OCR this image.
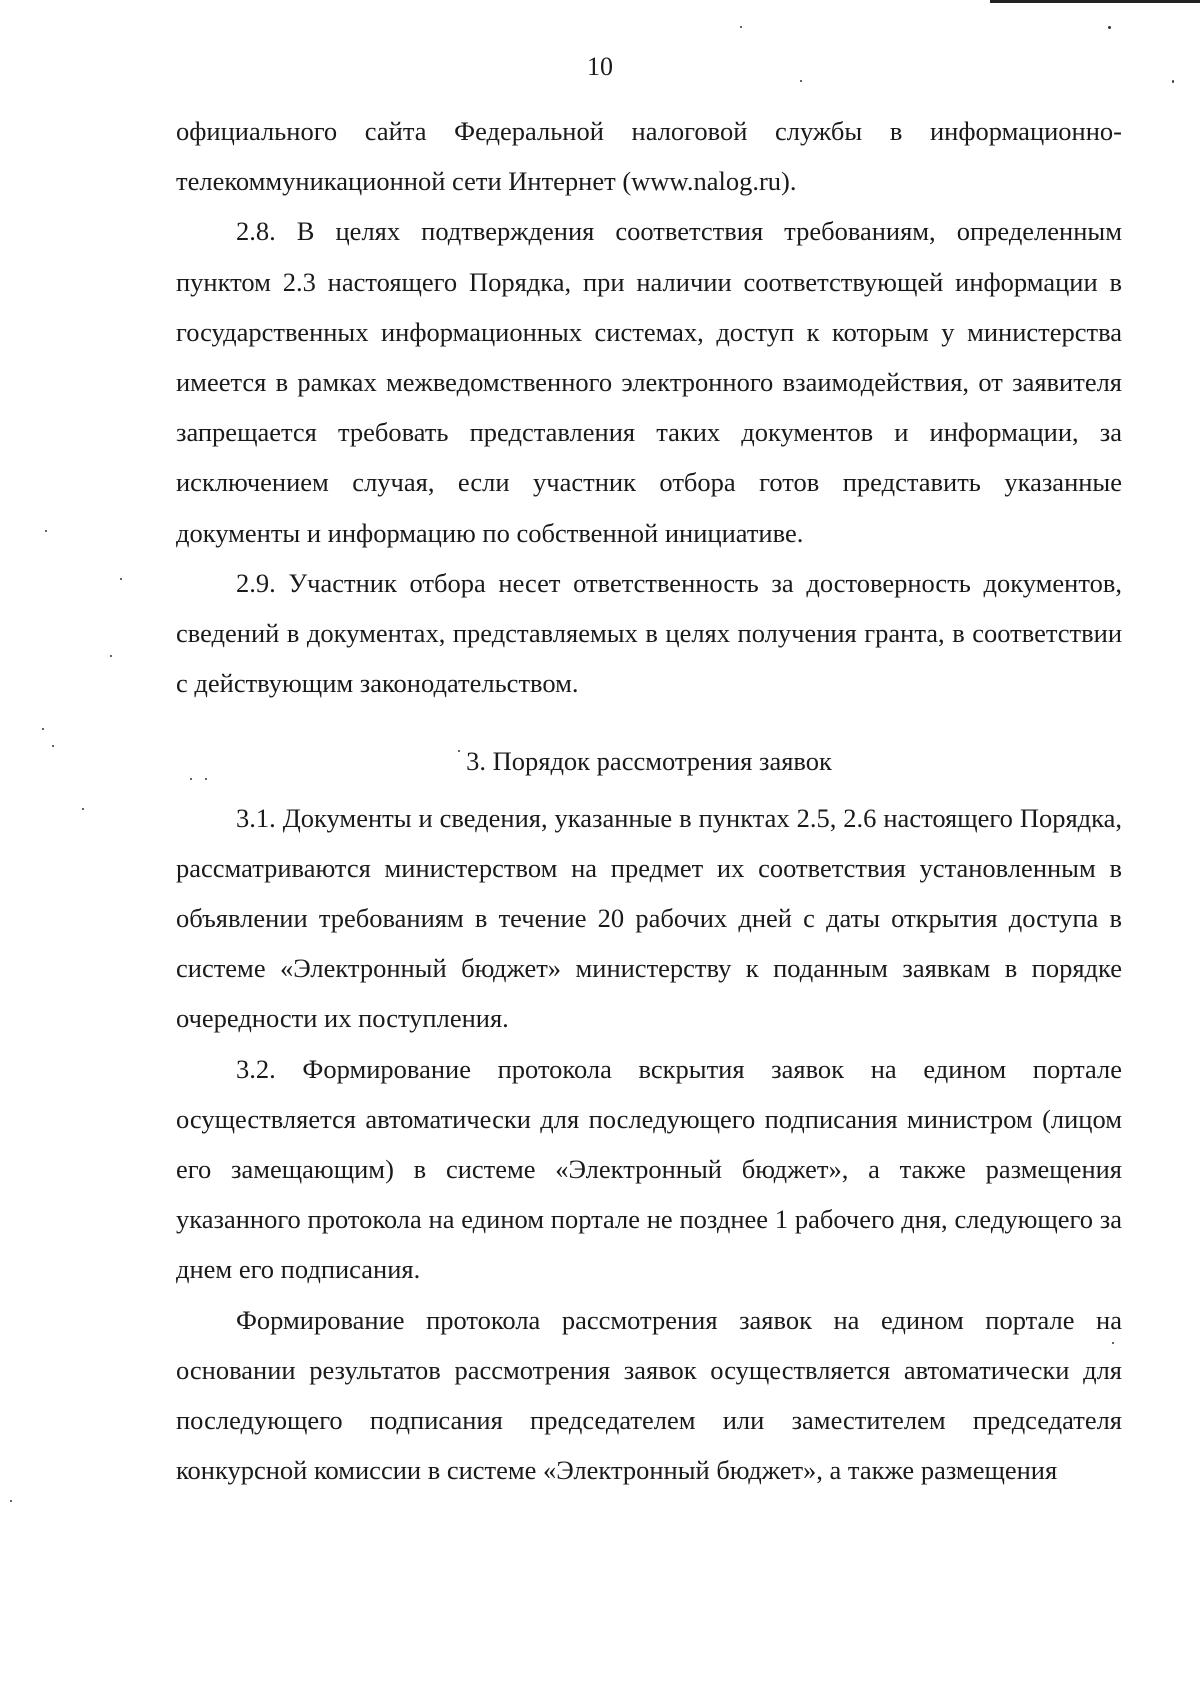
10

официального сайта Федеральной налоговой службы в информационно-телекоммуникационной сети Интернет (www.nalog.ru).

2.8. В целях подтверждения соответствия требованиям, определенным пунктом 2.3 настоящего Порядка, при наличии соответствующей информации в государственных информационных системах, доступ к которым у министерства имеется в рамках межведомственного электронного взаимодействия, от заявителя запрещается требовать представления таких документов и информации, за исключением случая, если участник отбора готов представить указанные документы и информацию по собственной инициативе.

2.9. Участник отбора несет ответственность за достоверность документов, сведений в документах, представляемых в целях получения гранта, в соответствии с действующим законодательством.

3. Порядок рассмотрения заявок

3.1. Документы и сведения, указанные в пунктах 2.5, 2.6 настоящего Порядка, рассматриваются министерством на предмет их соответствия установленным в объявлении требованиям в течение 20 рабочих дней с даты открытия доступа в системе «Электронный бюджет» министерству к поданным заявкам в порядке очередности их поступления.

3.2. Формирование протокола вскрытия заявок на едином портале осуществляется автоматически для последующего подписания министром (лицом его замещающим) в системе «Электронный бюджет», а также размещения указанного протокола на едином портале не позднее 1 рабочего дня, следующего за днем его подписания.

Формирование протокола рассмотрения заявок на едином портале на основании результатов рассмотрения заявок осуществляется автоматически для последующего подписания председателем или заместителем председателя конкурсной комиссии в системе «Электронный бюджет», а также размещения
